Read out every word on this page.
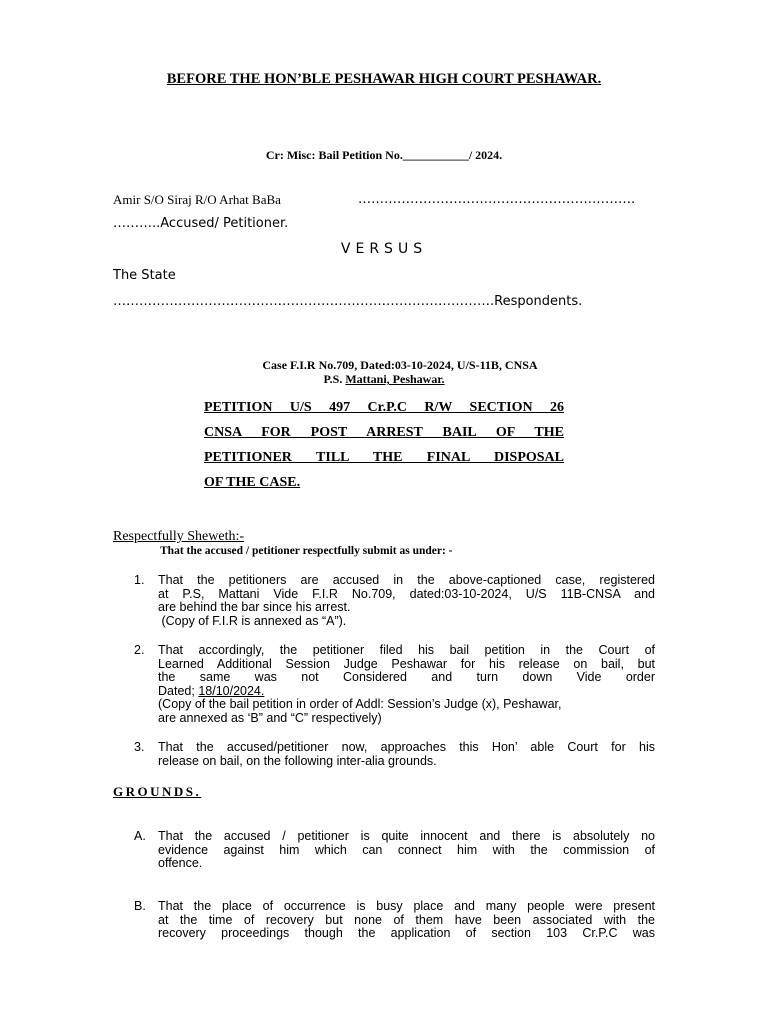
BEFORE THE HON’BLE PESHAWAR HIGH COURT PESHAWAR.
Cr: Misc: Bail Petition No.___________/ 2024.
Amir S/O Siraj R/O Arhat BaBa	……………………………………………………….
………..Accused/ Petitioner.
VERSUS
The State
…………………………………………………………………………….Respondents.
Case F.I.R No.709, Dated:03-10-2024, U/S-11B, CNSA
P.S. Mattani, Peshawar.
PETITION U/S 497 Cr.P.C R/W SECTION 26
CNSA FOR POST ARREST BAIL OF THE
PETITIONER TILL THE FINAL DISPOSAL
OF THE CASE.
Respectfully Sheweth:-
That the accused / petitioner respectfully submit as under: -
1. That the petitioners are accused in the above-captioned case, registered
at P.S, Mattani Vide F.I.R No.709, dated:03-10-2024, U/S 11B-CNSA and
are behind the bar since his arrest.
(Copy of F.I.R is annexed as “A”).
2. That accordingly, the petitioner filed his bail petition in the Court of
Learned Additional Session Judge Peshawar for his release on bail, but
the same was not Considered and turn down Vide order
Dated; 18/10/2024.
(Copy of the bail petition in order of Addl: Session’s Judge (x), Peshawar,
are annexed as ‘B” and “C” respectively)
3. That the accused/petitioner now, approaches this Hon’ able Court for his
release on bail, on the following inter-alia grounds.
GROUNDS.
A. That the accused / petitioner is quite innocent and there is absolutely no
evidence against him which can connect him with the commission of
offence.
B. That the place of occurrence is busy place and many people were present
at the time of recovery but none of them have been associated with the
recovery proceedings though the application of section 103 Cr.P.C was
